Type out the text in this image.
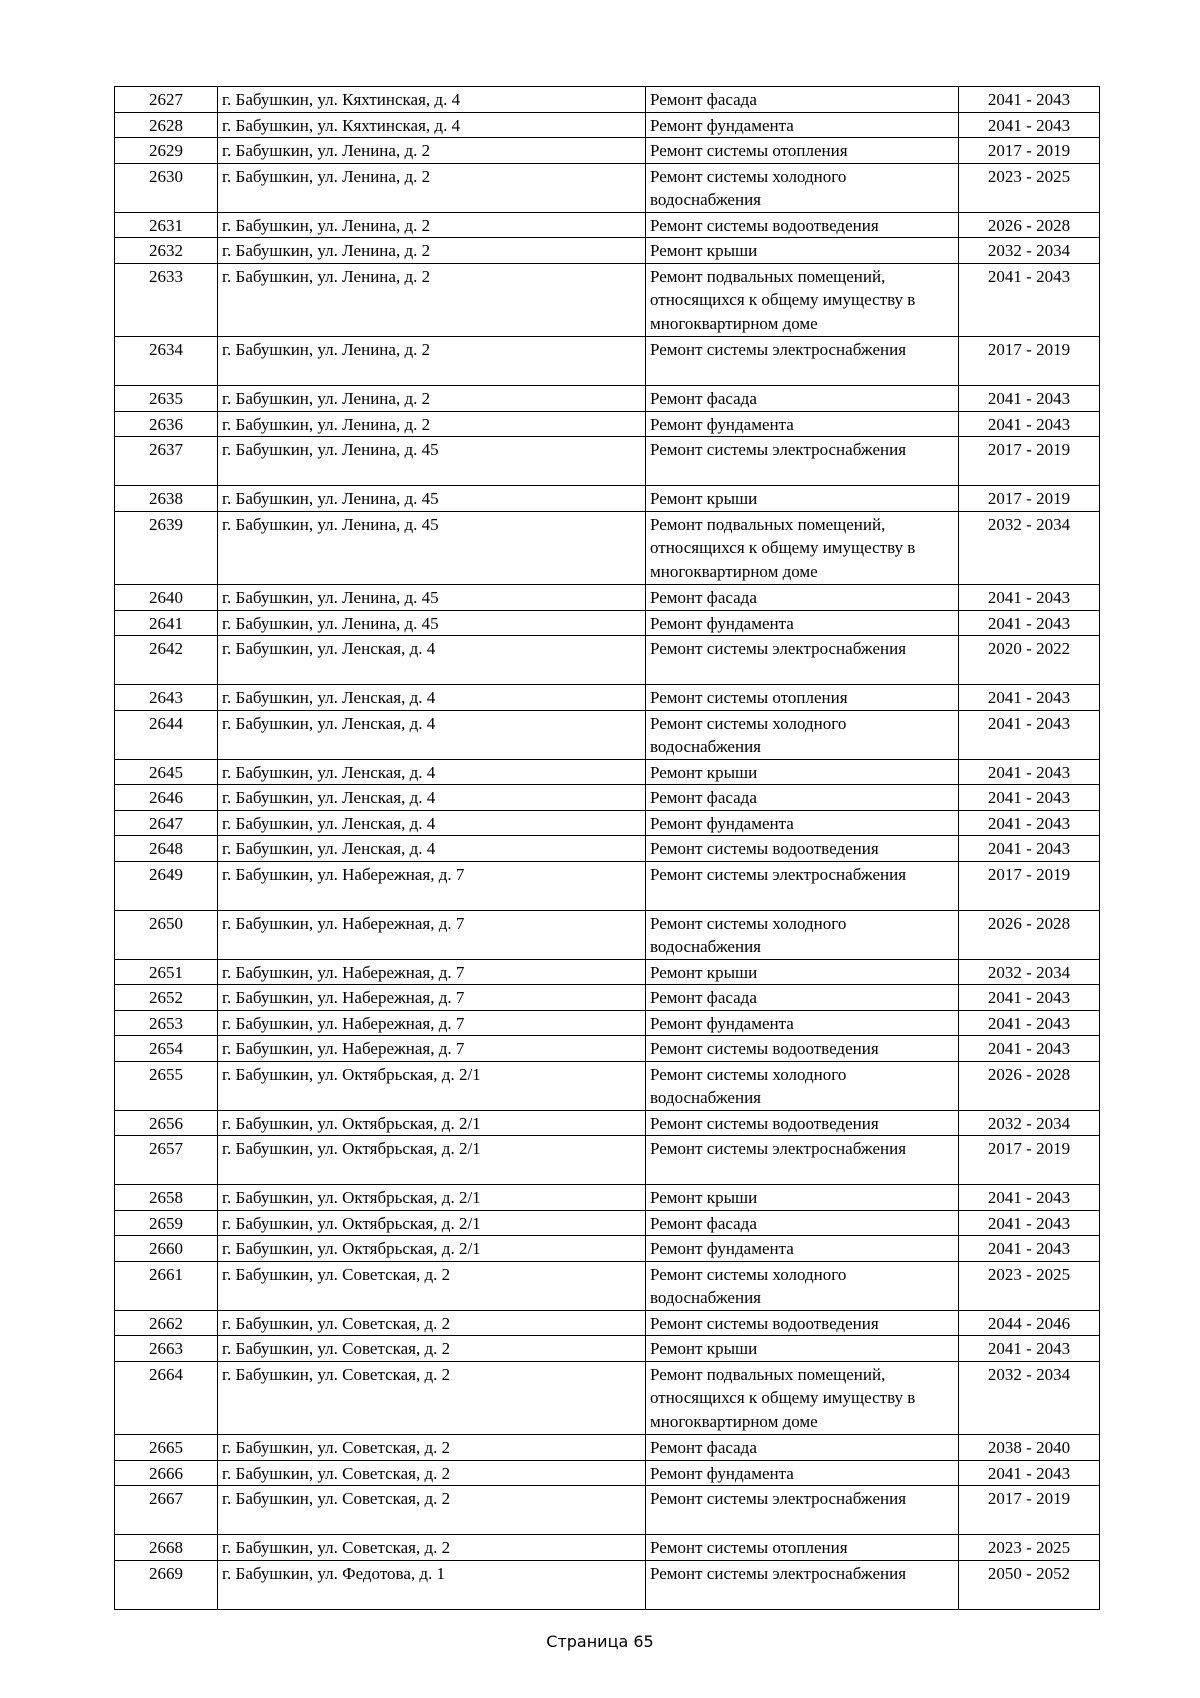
2627	г. Бабушкин, ул. Кяхтинская, д. 4	Ремонт фасада	2041 - 2043
2628	г. Бабушкин, ул. Кяхтинская, д. 4	Ремонт фундамента	2041 - 2043
2629	г. Бабушкин, ул. Ленина, д. 2	Ремонт системы отопления	2017 - 2019
2630	г. Бабушкин, ул. Ленина, д. 2	Ремонт системы холодного водоснабжения	2023 - 2025
2631	г. Бабушкин, ул. Ленина, д. 2	Ремонт системы водоотведения	2026 - 2028
2632	г. Бабушкин, ул. Ленина, д. 2	Ремонт крыши	2032 - 2034
2633	г. Бабушкин, ул. Ленина, д. 2	Ремонт подвальных помещений, относящихся к общему имуществу в многоквартирном доме	2041 - 2043
2634	г. Бабушкин, ул. Ленина, д. 2	Ремонт системы электроснабжения	2017 - 2019
2635	г. Бабушкин, ул. Ленина, д. 2	Ремонт фасада	2041 - 2043
2636	г. Бабушкин, ул. Ленина, д. 2	Ремонт фундамента	2041 - 2043
2637	г. Бабушкин, ул. Ленина, д. 45	Ремонт системы электроснабжения	2017 - 2019
2638	г. Бабушкин, ул. Ленина, д. 45	Ремонт крыши	2017 - 2019
2639	г. Бабушкин, ул. Ленина, д. 45	Ремонт подвальных помещений, относящихся к общему имуществу в многоквартирном доме	2032 - 2034
2640	г. Бабушкин, ул. Ленина, д. 45	Ремонт фасада	2041 - 2043
2641	г. Бабушкин, ул. Ленина, д. 45	Ремонт фундамента	2041 - 2043
2642	г. Бабушкин, ул. Ленская, д. 4	Ремонт системы электроснабжения	2020 - 2022
2643	г. Бабушкин, ул. Ленская, д. 4	Ремонт системы отопления	2041 - 2043
2644	г. Бабушкин, ул. Ленская, д. 4	Ремонт системы холодного водоснабжения	2041 - 2043
2645	г. Бабушкин, ул. Ленская, д. 4	Ремонт крыши	2041 - 2043
2646	г. Бабушкин, ул. Ленская, д. 4	Ремонт фасада	2041 - 2043
2647	г. Бабушкин, ул. Ленская, д. 4	Ремонт фундамента	2041 - 2043
2648	г. Бабушкин, ул. Ленская, д. 4	Ремонт системы водоотведения	2041 - 2043
2649	г. Бабушкин, ул. Набережная, д. 7	Ремонт системы электроснабжения	2017 - 2019
2650	г. Бабушкин, ул. Набережная, д. 7	Ремонт системы холодного водоснабжения	2026 - 2028
2651	г. Бабушкин, ул. Набережная, д. 7	Ремонт крыши	2032 - 2034
2652	г. Бабушкин, ул. Набережная, д. 7	Ремонт фасада	2041 - 2043
2653	г. Бабушкин, ул. Набережная, д. 7	Ремонт фундамента	2041 - 2043
2654	г. Бабушкин, ул. Набережная, д. 7	Ремонт системы водоотведения	2041 - 2043
2655	г. Бабушкин, ул. Октябрьская, д. 2/1	Ремонт системы холодного водоснабжения	2026 - 2028
2656	г. Бабушкин, ул. Октябрьская, д. 2/1	Ремонт системы водоотведения	2032 - 2034
2657	г. Бабушкин, ул. Октябрьская, д. 2/1	Ремонт системы электроснабжения	2017 - 2019
2658	г. Бабушкин, ул. Октябрьская, д. 2/1	Ремонт крыши	2041 - 2043
2659	г. Бабушкин, ул. Октябрьская, д. 2/1	Ремонт фасада	2041 - 2043
2660	г. Бабушкин, ул. Октябрьская, д. 2/1	Ремонт фундамента	2041 - 2043
2661	г. Бабушкин, ул. Советская, д. 2	Ремонт системы холодного водоснабжения	2023 - 2025
2662	г. Бабушкин, ул. Советская, д. 2	Ремонт системы водоотведения	2044 - 2046
2663	г. Бабушкин, ул. Советская, д. 2	Ремонт крыши	2041 - 2043
2664	г. Бабушкин, ул. Советская, д. 2	Ремонт подвальных помещений, относящихся к общему имуществу в многоквартирном доме	2032 - 2034
2665	г. Бабушкин, ул. Советская, д. 2	Ремонт фасада	2038 - 2040
2666	г. Бабушкин, ул. Советская, д. 2	Ремонт фундамента	2041 - 2043
2667	г. Бабушкин, ул. Советская, д. 2	Ремонт системы электроснабжения	2017 - 2019
2668	г. Бабушкин, ул. Советская, д. 2	Ремонт системы отопления	2023 - 2025
2669	г. Бабушкин, ул. Федотова, д. 1	Ремонт системы электроснабжения	2050 - 2052
Страница 65
